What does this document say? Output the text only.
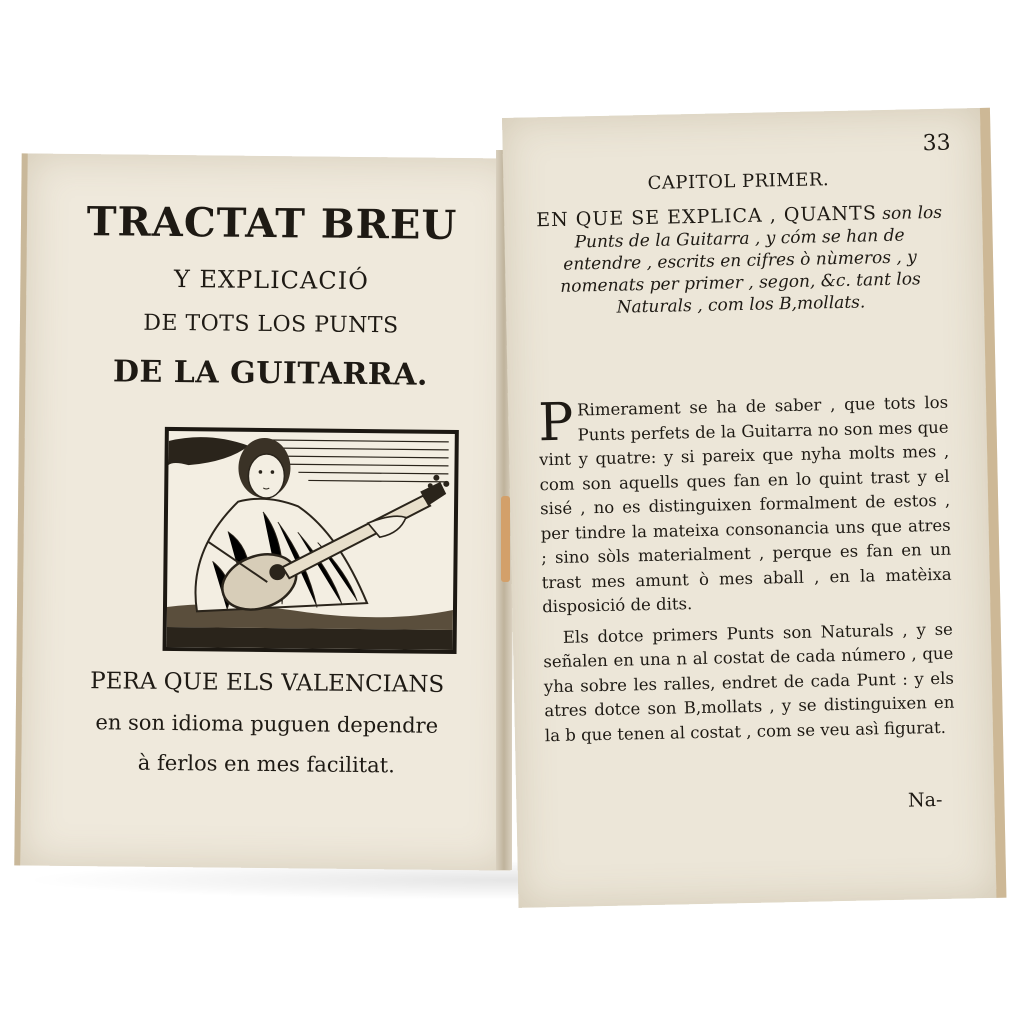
TRACTAT BREU
Y EXPLICACIÓ
DE TOTS LOS PUNTS
DE LA GUITARRA.
PERA QUE ELS VALENCIANS
en son idioma puguen dependre
à ferlos en mes facilitat.
33
CAPITOL PRIMER.
EN QUE SE EXPLICA , QUANTS son los Punts de la Guitarra , y cóm se han de entendre , escrits en cifres ò nùmeros , y nomenats per primer , segon, &c. tant los Naturals , com los B,mollats.

P Rimerament se ha de saber , que tots los Punts perfets de la Guitarra no son mes que vint y quatre: y si pareix que nyha molts mes , com son aquells ques fan en lo quint trast y el sisé , no es distinguixen formalment de estos , per tindre la mateixa consonancia uns que atres ; sino sòls materialment , perque es fan en un trast mes amunt ò mes aball , en la matèixa disposició de dits.

Els dotce primers Punts son Naturals , y se señalen en una n al costat de cada número , que yha sobre les ralles, endret de cada Punt : y els atres dotce son B,mollats , y se distinguixen en la b que tenen al costat , com se veu asì figurat.

Na-
